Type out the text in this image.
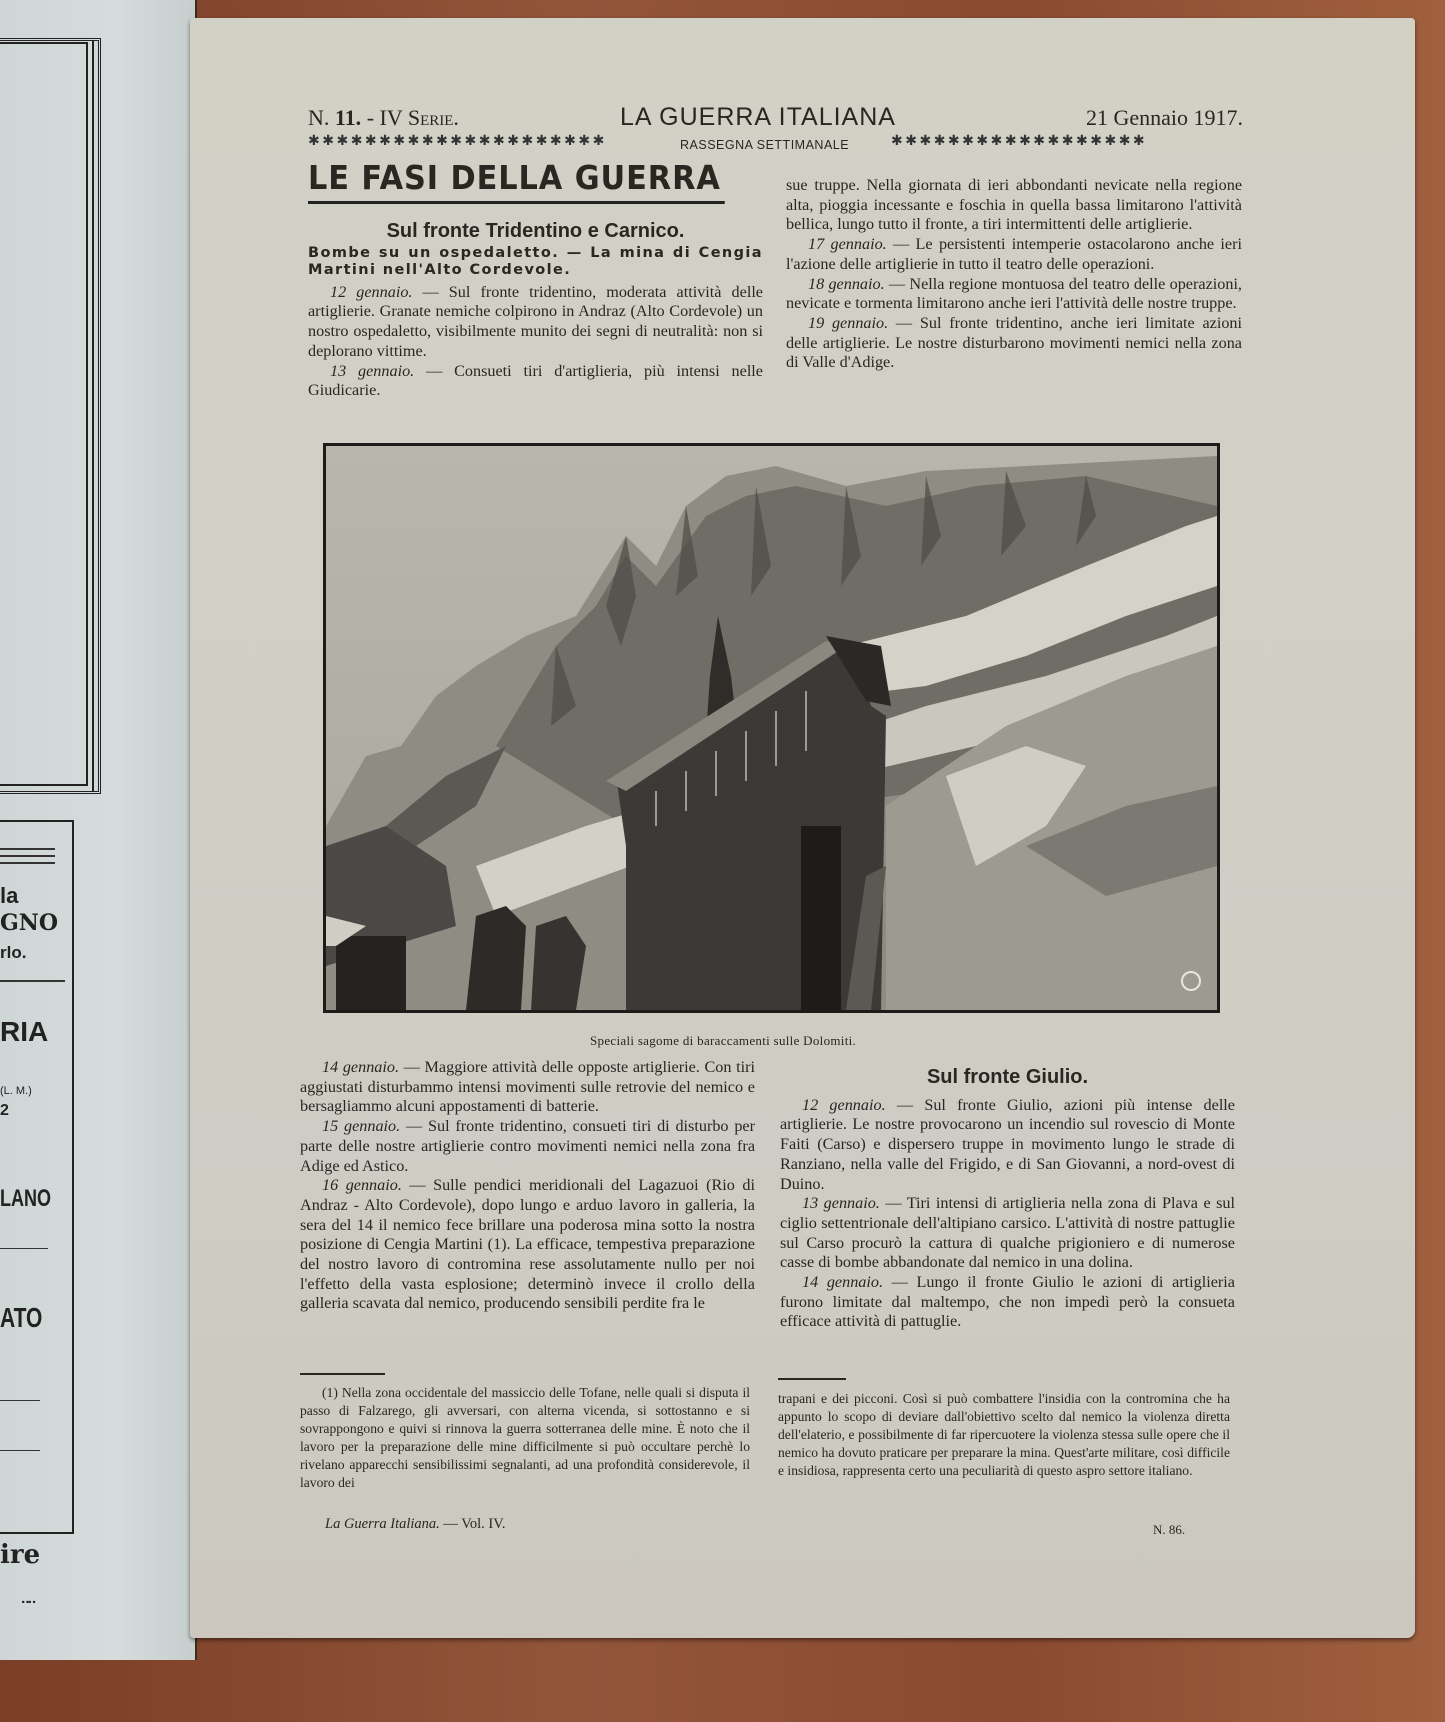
la
GNO
rlo.
RIA
(L. M.)
2
LANO
ATO
ire
¨¨
N. 11. - IV Serie.	LA GUERRA ITALIANA	21 Gennaio 1917.
✱✱✱✱✱✱✱✱✱✱✱✱✱✱✱✱✱✱✱✱✱	RASSEGNA SETTIMANALE	✱✱✱✱✱✱✱✱✱✱✱✱✱✱✱✱✱✱
LE FASI DELLA GUERRA
Sul fronte Tridentino e Carnico.
Bombe su un ospedaletto. — La mina di Cengia Martini nell'Alto Cordevole.

12 gennaio. — Sul fronte tridentino, moderata attività delle artiglierie. Granate nemiche colpirono in Andraz (Alto Cordevole) un nostro ospedaletto, visibilmente munito dei segni di neutralità: non si deplorano vittime.

13 gennaio. — Consueti tiri d'artiglieria, più intensi nelle Giudicarie.

sue truppe. Nella giornata di ieri abbondanti nevicate nella regione alta, pioggia incessante e foschia in quella bassa limitarono l'attività bellica, lungo tutto il fronte, a tiri intermittenti delle artiglierie.

17 gennaio. — Le persistenti intemperie ostacolarono anche ieri l'azione delle artiglierie in tutto il teatro delle operazioni.

18 gennaio. — Nella regione montuosa del teatro delle operazioni, nevicate e tormenta limitarono anche ieri l'attività delle nostre truppe.

19 gennaio. — Sul fronte tridentino, anche ieri limitate azioni delle artiglierie. Le nostre disturbarono movimenti nemici nella zona di Valle d'Adige.

Speciali sagome di baraccamenti sulle Dolomiti.

14 gennaio. — Maggiore attività delle opposte artiglierie. Con tiri aggiustati disturbammo intensi movimenti sulle retrovie del nemico e bersagliammo alcuni appostamenti di batterie.

15 gennaio. — Sul fronte tridentino, consueti tiri di disturbo per parte delle nostre artiglierie contro movimenti nemici nella zona fra Adige ed Astico.

16 gennaio. — Sulle pendici meridionali del Lagazuoi (Rio di Andraz - Alto Cordevole), dopo lungo e arduo lavoro in galleria, la sera del 14 il nemico fece brillare una poderosa mina sotto la nostra posizione di Cengia Martini (1). La efficace, tempestiva preparazione del nostro lavoro di contromina rese assolutamente nullo per noi l'effetto della vasta esplosione; determinò invece il crollo della galleria scavata dal nemico, producendo sensibili perdite fra le

Sul fronte Giulio.

12 gennaio. — Sul fronte Giulio, azioni più intense delle artiglierie. Le nostre provocarono un incendio sul rovescio di Monte Faiti (Carso) e dispersero truppe in movimento lungo le strade di Ranziano, nella valle del Frigido, e di San Giovanni, a nord-ovest di Duino.

13 gennaio. — Tiri intensi di artiglieria nella zona di Plava e sul ciglio settentrionale dell'altipiano carsico. L'attività di nostre pattuglie sul Carso procurò la cattura di qualche prigioniero e di numerose casse di bombe abbandonate dal nemico in una dolina.

14 gennaio. — Lungo il fronte Giulio le azioni di artiglieria furono limitate dal maltempo, che non impedì però la consueta efficace attività di pattuglie.

(1) Nella zona occidentale del massiccio delle Tofane, nelle quali si disputa il passo di Falzarego, gli avversari, con alterna vicenda, si sottostanno e si sovrappongono e quivi si rinnova la guerra sotterranea delle mine. È noto che il lavoro per la preparazione delle mine difficilmente si può occultare perchè lo rivelano apparecchi sensibilissimi segnalanti, ad una profondità considerevole, il lavoro dei

trapani e dei picconi. Così si può combattere l'insidia con la contromina che ha appunto lo scopo di deviare dall'obiettivo scelto dal nemico la violenza diretta dell'elaterio, e possibilmente di far ripercuotere la violenza stessa sulle opere che il nemico ha dovuto praticare per preparare la mina. Quest'arte militare, così difficile e insidiosa, rappresenta certo una peculiarità di questo aspro settore italiano.
La Guerra Italiana. — Vol. IV.	N. 86.
